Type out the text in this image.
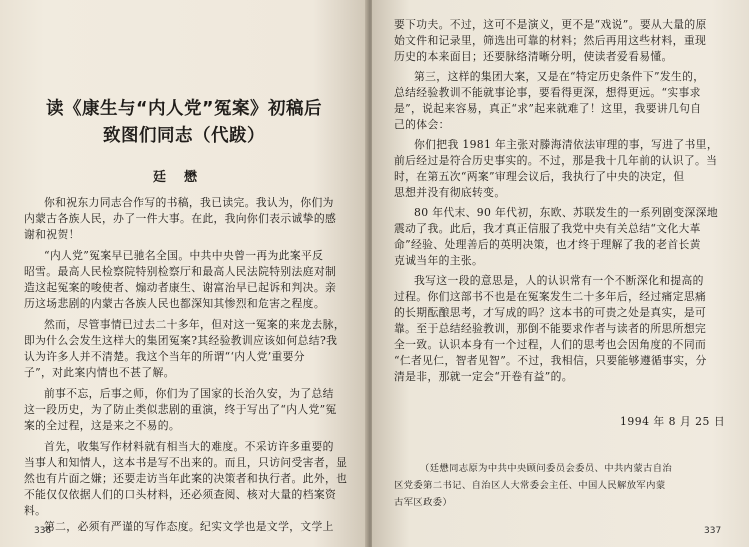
读《康生与“内人党”冤案》初稿后
致图们同志（代跋）
廷懋
你和祝东力同志合作写的书稿，我已读完。我认为，你们为
内蒙古各族人民，办了一件大事。在此，我向你们表示诚挚的感
谢和祝贺！
“内人党”冤案早已驰名全国。中共中央曾一再为此案平反
昭雪。最高人民检察院特别检察厅和最高人民法院特别法庭对制
造这起冤案的唆使者、煽动者康生、谢富治早已起诉和判决。亲
历这场悲剧的内蒙古各族人民也都深知其惨烈和危害之程度。
然而，尽管事情已过去二十多年，但对这一冤案的来龙去脉，
即为什么会发生这样大的集团冤案?其经验教训应该如何总结?我
认为许多人并不清楚。我这个当年的所谓“‘内人党’重要分
子”，对此案内情也不甚了解。
前事不忘，后事之师，你们为了国家的长治久安，为了总结
这一段历史，为了防止类似悲剧的重演，终于写出了“内人党”冤
案的全过程，这是来之不易的。
首先，收集写作材料就有相当大的难度。不采访许多重要的
当事人和知情人，这本书是写不出来的。而且，只访问受害者，显
然也有片面之嫌；还要走访当年此案的决策者和执行者。此外，也
不能仅仅依据人们的口头材料，还必须查阅、核对大量的档案资
料。
第二，必须有严谨的写作态度。纪实文学也是文学，文学上
336
要下功夫。不过，这可不是演义，更不是“戏说”。要从大量的原
始文件和记录里，筛选出可靠的材料；然后再用这些材料，重现
历史的本来面目；还要脉络清晰分明，使读者爱看易懂。
第三，这样的集团大案，又是在“特定历史条件下”发生的，
总结经验教训不能就事论事，要看得更深，想得更远。“实事求
是”，说起来容易，真正“求”起来就难了！这里，我要讲几句自
己的体会：
你们把我 1981 年主张对滕海清依法审理的事，写进了书里，
前后经过是符合历史事实的。不过，那是我十几年前的认识了。当
时，在第五次“两案”审理会议后，我执行了中央的决定，但
思想并没有彻底转变。
80 年代末、90 年代初，东欧、苏联发生的一系列剧变深深地
震动了我。此后，我才真正信服了我党中央有关总结“文化大革
命”经验、处理善后的英明决策，也才终于理解了我的老首长黄
克诚当年的主张。
我写这一段的意思是，人的认识常有一个不断深化和提高的
过程。你们这部书不也是在冤案发生二十多年后，经过痛定思痛
的长期酝酿思考，才写成的吗？这本书的可贵之处是真实，是可
靠。至于总结经验教训，那倒不能要求作者与读者的所思所想完
全一致。认识本身有一个过程，人们的思考也会因角度的不同而
“仁者见仁，智者见智”。不过，我相信，只要能够遵循事实，分
清是非，那就一定会“开卷有益”的。
1994 年 8 月 25 日
（廷懋同志原为中共中央顾问委员会委员、中共内蒙古自治
区党委第二书记、自治区人大常委会主任、中国人民解放军内蒙
古军区政委）
337
